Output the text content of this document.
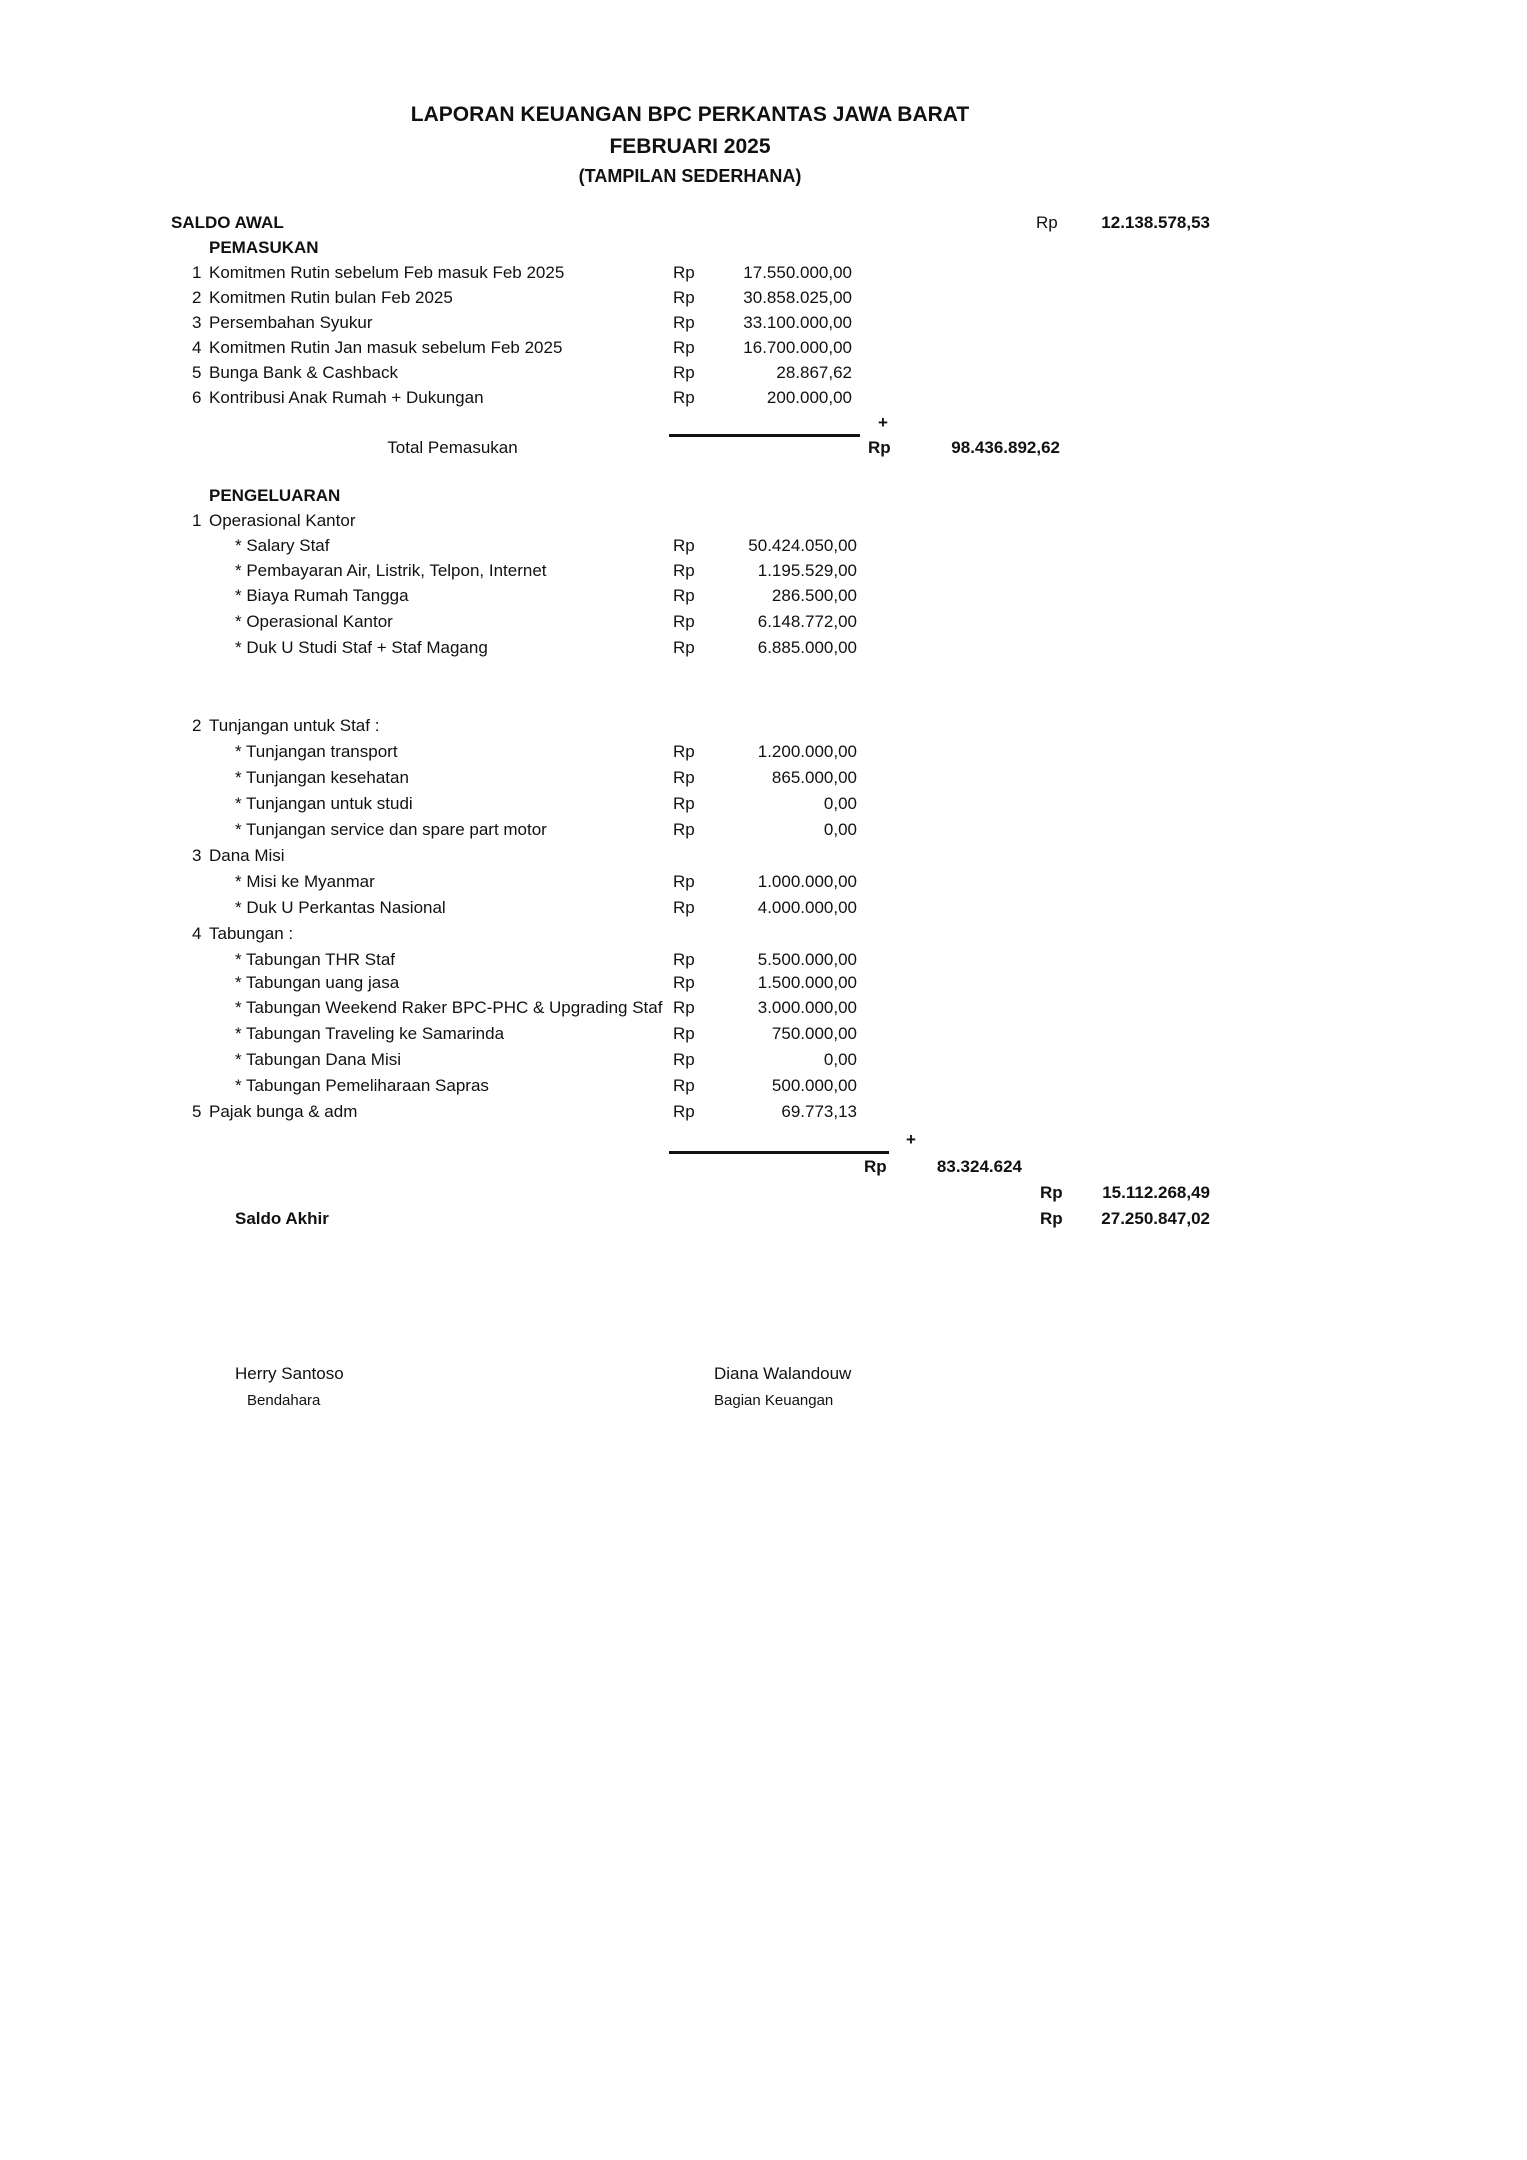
LAPORAN KEUANGAN BPC PERKANTAS JAWA BARAT
FEBRUARI 2025
(TAMPILAN SEDERHANA)
SALDO AWAL	Rp	12.138.578,53
PEMASUKAN
1 Komitmen Rutin sebelum Feb masuk Feb 2025	Rp	17.550.000,00
2 Komitmen Rutin bulan Feb 2025	Rp	30.858.025,00
3 Persembahan Syukur	Rp	33.100.000,00
4 Komitmen Rutin Jan masuk sebelum Feb 2025	Rp	16.700.000,00
5 Bunga Bank & Cashback	Rp	28.867,62
6 Kontribusi Anak Rumah + Dukungan	Rp	200.000,00
+
Total Pemasukan	Rp	98.436.892,62
PENGELUARAN
1 Operasional Kantor
* Salary Staf	Rp	50.424.050,00
* Pembayaran Air, Listrik, Telpon, Internet	Rp	1.195.529,00
* Biaya Rumah Tangga	Rp	286.500,00
* Operasional Kantor	Rp	6.148.772,00
* Duk U Studi Staf + Staf Magang	Rp	6.885.000,00
2 Tunjangan untuk Staf :
* Tunjangan transport	Rp	1.200.000,00
* Tunjangan kesehatan	Rp	865.000,00
* Tunjangan untuk studi	Rp	0,00
* Tunjangan service dan spare part motor	Rp	0,00
3 Dana Misi
* Misi ke Myanmar	Rp	1.000.000,00
* Duk U Perkantas Nasional	Rp	4.000.000,00
4 Tabungan :
* Tabungan THR Staf	Rp	5.500.000,00
* Tabungan uang jasa	Rp	1.500.000,00
* Tabungan Weekend Raker BPC-PHC & Upgrading Staf Rp	3.000.000,00
* Tabungan Traveling ke Samarinda	Rp	750.000,00
* Tabungan Dana Misi	Rp	0,00
* Tabungan Pemeliharaan Sapras	Rp	500.000,00
5 Pajak bunga & adm	Rp	69.773,13
+
Rp	83.324.624
Rp	15.112.268,49
Saldo Akhir	Rp	27.250.847,02
Herry Santoso
Bendahara
Diana Walandouw
Bagian Keuangan
